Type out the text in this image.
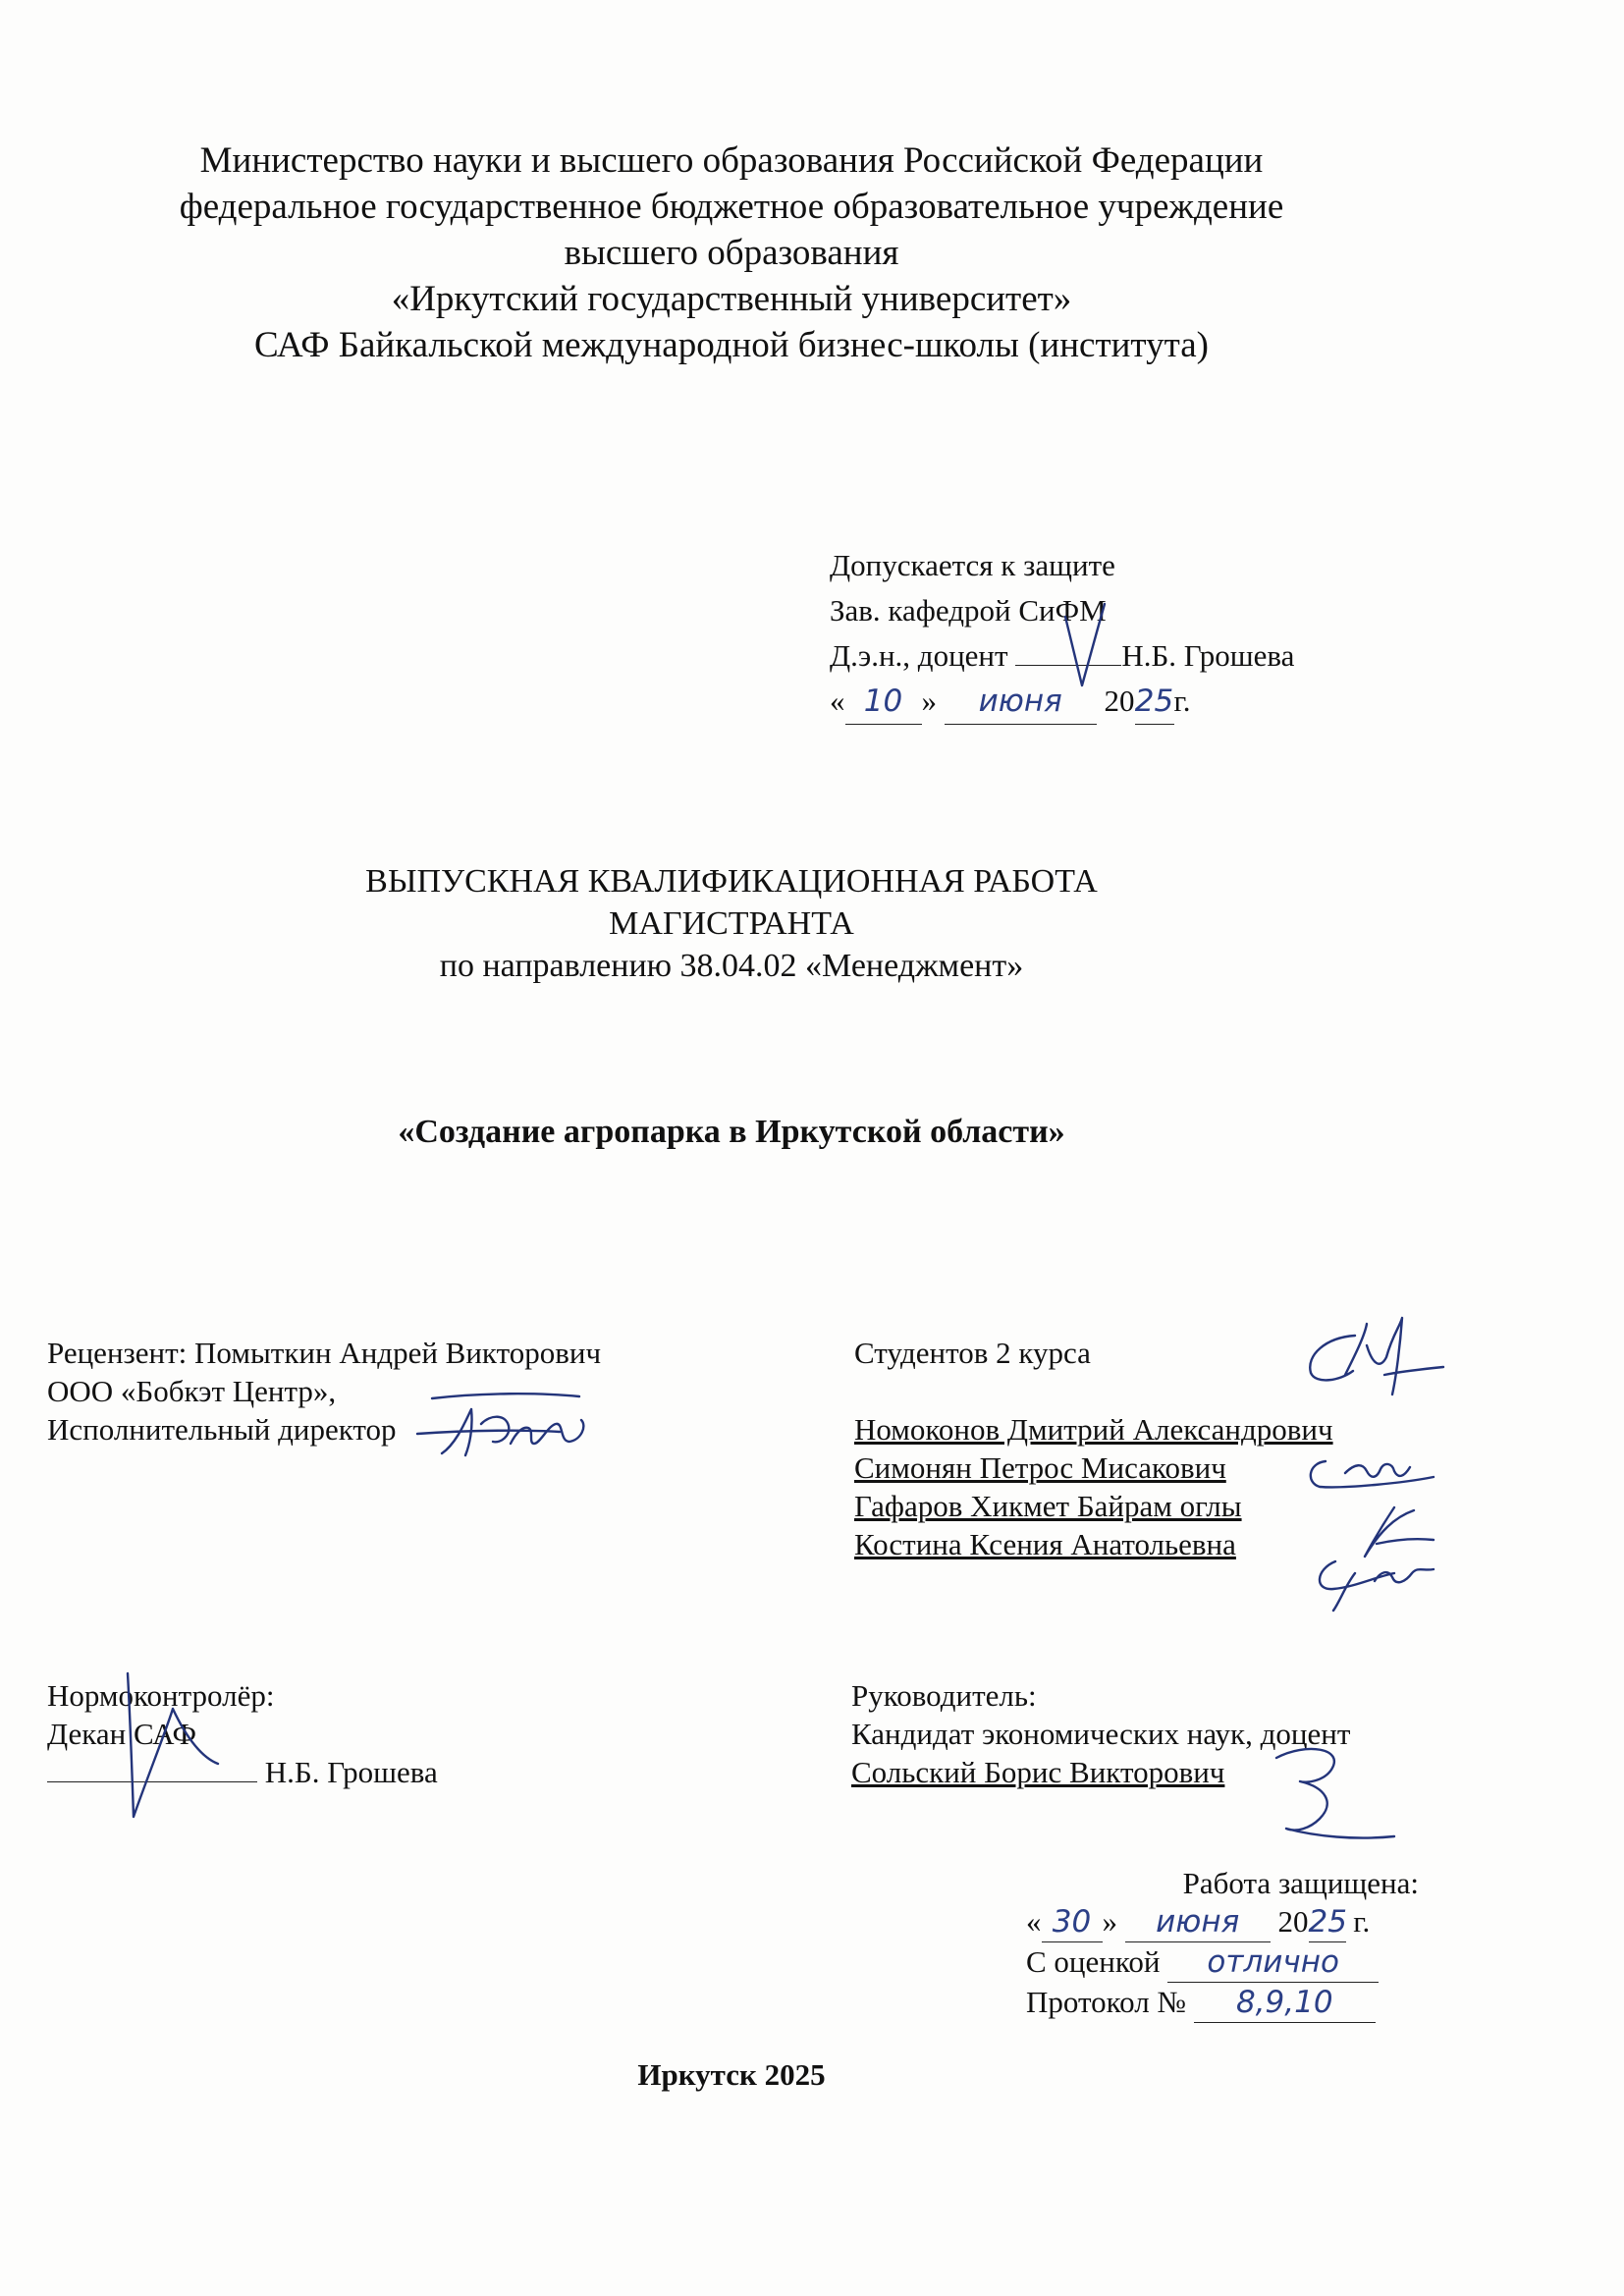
Министерство науки и высшего образования Российской Федерации
федеральное государственное бюджетное образовательное учреждение
высшего образования
«Иркутский государственный университет»
САФ Байкальской международной бизнес-школы (института)
Допускается к защите
Зав. кафедрой СиФМ
Д.э.н., доцент	Н.Б. Грошева
« 10 » июня 2025г.
ВЫПУСКНАЯ КВАЛИФИКАЦИОННАЯ РАБОТА
МАГИСТРАНТА
по направлению 38.04.02 «Менеджмент»
«Создание агропарка в Иркутской области»
Рецензент: Помыткин Андрей Викторович
ООО «Бобкэт Центр»,
Исполнительный директор
Студентов 2 курса
Номоконов Дмитрий Александрович
Симонян Петрос Мисакович
Гафаров Хикмет Байрам оглы
Костина Ксения Анатольевна
Нормоконтролёр:
Декан САФ
Н.Б. Грошева
Руководитель:
Кандидат экономических наук, доцент
Сольский Борис Викторович
Работа защищена:
« 30 » июня 2025 г.
С оценкой отлично
Протокол № 8,9,10
Иркутск 2025
